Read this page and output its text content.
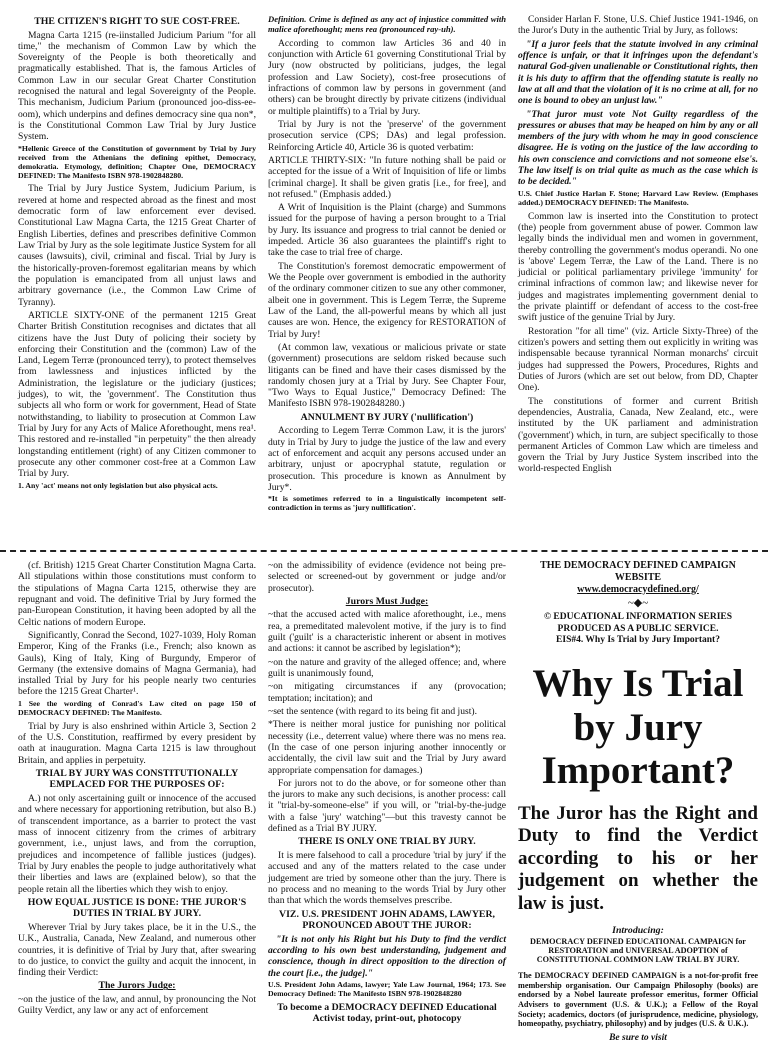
THE CITIZEN'S RIGHT TO SUE COST-FREE.

Magna Carta 1215 (re-iinstalled Judicium Parium "for all time," the mechanism of Common Law by which the Sovereignty of the People is both theoretically and pragmatically established. That is, the famous Articles of Common Law in our secular Great Charter Constitution recognised the natural and legal Sovereignty of the People. This mechanism, Judicium Parium (pronounced joo-diss-ee-oom), which underpins and defines democracy sine qua non*, is the Constitutional Common Law Trial by Jury Justice System.

*Hellenic Greece of the Constitution of government by Trial by Jury received from the Athenians the defining epithet, Democracy, demokratia. Etymology, definition; Chapter One, DEMOCRACY DEFINED: The Manifesto ISBN 978-1902848280.

The Trial by Jury Justice System, Judicium Parium, is revered at home and respected abroad as the finest and most democratic form of law enforcement ever devised. Constitutional Law Magna Carta, the 1215 Great Charter of English Liberties, defines and prescribes definitive Common Law Trial by Jury as the sole legitimate Justice System for all causes (lawsuits), civil, criminal and fiscal. Trial by Jury is the historically-proven-foremost egalitarian means by which the population is emancipated from all unjust laws and arbitrary governance (i.e., the Common Law Crime of Tyranny).

ARTICLE SIXTY-ONE of the permanent 1215 Great Charter British Constitution recognises and dictates that all citizens have the Just Duty of policing their society by enforcing their Constitution and the (common) Law of the Land, Legem Terræ (pronounced terry), to protect themselves from lawlessness and injustices inflicted by the Administration, the legislature or the judiciary (justices; judges), to wit, the 'government'. The Constitution thus subjects all who form or work for government, Head of State notwithstanding, to liability to prosecution at Common Law Trial by Jury for any Acts of Malice Aforethought, mens rea¹. This restored and re-installed "in perpetuity" the then already longstanding entitlement (right) of any Citizen commoner to prosecute any other commoner cost-free at a Common Law Trial by Jury.

1. Any 'act' means not only legislation but also physical acts.

Definition. Crime is defined as any act of injustice committed with malice aforethought; mens rea (pronounced ray-uh).

According to common law Articles 36 and 40 in conjunction with Article 61 governing Constitutional Trial by Jury (now obstructed by politicians, judges, the legal profession and Law Society), cost-free prosecutions of infractions of common law by persons in government (and others) can be brought directly by private citizens (individual or multiple plaintiffs) to a Trial by Jury.

Trial by Jury is not the 'preserve' of the government prosecution service (CPS; DAs) and legal profession. Reinforcing Article 40, Article 36 is quoted verbatim:

ARTICLE THIRTY-SIX: "In future nothing shall be paid or accepted for the issue of a Writ of Inquisition of life or limbs [criminal charge]. It shall be given gratis [i.e., for free], and not refused." (Emphasis added.)

A Writ of Inquisition is the Plaint (charge) and Summons issued for the purpose of having a person brought to a Trial by Jury. Its issuance and progress to trial cannot be denied or impeded. Article 36 also guarantees the plaintiff's right to take the case to trial free of charge.

The Constitution's foremost democratic empowerment of We the People over government is embodied in the authority of the ordinary commoner citizen to sue any other commoner, albeit one in government. This is Legem Terræ, the Supreme Law of the Land, the all-powerful means by which all just causes are won. Hence, the exigency for RESTORATION of Trial by Jury!

(At common law, vexatious or malicious private or state (government) prosecutions are seldom risked because such litigants can be fined and have their cases dismissed by the randomly chosen jury at a Trial by Jury. See Chapter Four, "Two Ways to Equal Justice," Democracy Defined: The Manifesto ISBN 978-1902848280.)

ANNULMENT BY JURY ('nullification')

According to Legem Terræ Common Law, it is the jurors' duty in Trial by Jury to judge the justice of the law and every act of enforcement and acquit any persons accused under an arbitrary, unjust or apocryphal statute, regulation or prosecution. This procedure is known as Annulment by Jury*.

*It is sometimes referred to in a linguistically incompetent self-contradiction in terms as 'jury nullification'.

Consider Harlan F. Stone, U.S. Chief Justice 1941-1946, on the Juror's Duty in the authentic Trial by Jury, as follows:

"If a juror feels that the statute involved in any criminal offence is unfair, or that it infringes upon the defendant's natural God-given unalienable or Constitutional rights, then it is his duty to affirm that the offending statute is really no law at all and that the violation of it is no crime at all, for no one is bound to obey an unjust law."

"That juror must vote Not Guilty regardless of the pressures or abuses that may be heaped on him by any or all members of the jury with whom he may in good conscience disagree. He is voting on the justice of the law according to his own conscience and convictions and not someone else's. The law itself is on trial quite as much as the case which is to be decided."

U.S. Chief Justice Harlan F. Stone; Harvard Law Review. (Emphases added.) DEMOCRACY DEFINED: The Manifesto.

Common law is inserted into the Constitution to protect (the) people from government abuse of power. Common law legally binds the individual men and women in government, thereby controlling the government's modus operandi. No one is 'above' Legem Terræ, the Law of the Land. There is no judicial or political parliamentary privilege 'immunity' for criminal infractions of common law; and likewise never for judges and magistrates implementing government denial to the private plaintiff or defendant of access to the cost-free swift justice of the genuine Trial by Jury.

Restoration "for all time" (viz. Article Sixty-Three) of the citizen's powers and setting them out explicitly in writing was indispensable because tyrannical Norman monarchs' circuit judges had suppressed the Powers, Procedures, Rights and Duties of Jurors (which are set out below, from DD, Chapter One).

The constitutions of former and current British dependencies, Australia, Canada, New Zealand, etc., were instituted by the UK parliament and administration ('government') which, in turn, are subject specifically to those permanent Articles of Common Law which are timeless and govern the Trial by Jury Justice System inscribed into the world-respected English

(cf. British) 1215 Great Charter Constitution Magna Carta. All stipulations within those constitutions must conform to the stipulations of Magna Carta 1215, otherwise they are repugnant and void. The definitive Trial by Jury formed the pan-European Constitution, it having been adopted by all the Celtic nations of modern Europe.

Significantly, Conrad the Second, 1027-1039, Holy Roman Emperor, King of the Franks (i.e., French; also known as Gauls), King of Italy, King of Burgundy, Emperor of Germany (the extensive domains of Magna Germania), had installed Trial by Jury for his people nearly two centuries before the 1215 Great Charter¹.

1 See the wording of Conrad's Law cited on page 150 of DEMOCRACY DEFINED: The Manifesto.

Trial by Jury is also enshrined within Article 3, Section 2 of the U.S. Constitution, reaffirmed by every president by oath at inauguration. Magna Carta 1215 is law throughout Britain, and applies in perpetuity.

TRIAL BY JURY WAS CONSTITUTIONALLY EMPLACED FOR THE PURPOSES OF:

A.) not only ascertaining guilt or innocence of the accused and where necessary for apportioning retribution, but also B.) of transcendent importance, as a barrier to protect the vast mass of innocent citizenry from the crimes of arbitrary government, i.e., unjust laws, and from the corruption, prejudices and incompetence of fallible justices (judges). Trial by Jury enables the people to judge authoritatively what their liberties and laws are (explained below), so that the people retain all the liberties which they wish to enjoy.

HOW EQUAL JUSTICE IS DONE: THE JUROR'S DUTIES IN TRIAL BY JURY.

Wherever Trial by Jury takes place, be it in the U.S., the U.K., Australia, Canada, New Zealand, and numerous other countries, it is definitive of Trial by Jury that, after swearing to do justice, to convict the guilty and acquit the innocent, in finding their Verdict:

The Jurors Judge:

~on the justice of the law, and annul, by pronouncing the Not Guilty Verdict, any law or any act of enforcement

~on the admissibility of evidence (evidence not being pre-selected or screened-out by government or judge and/or prosecutor).

Jurors Must Judge:

~that the accused acted with malice aforethought, i.e., mens rea, a premeditated malevolent motive, if the jury is to find guilt ('guilt' is a characteristic inherent or absent in motives and actions: it cannot be ascribed by legislation*);

~on the nature and gravity of the alleged offence; and, where guilt is unanimously found,

~on mitigating circumstances if any (provocation; temptation; incitation); and

~set the sentence (with regard to its being fit and just).

*There is neither moral justice for punishing nor political necessity (i.e., deterrent value) where there was no mens rea. (In the case of one person injuring another innocently or accidentally, the civil law suit and the Trial by Jury award appropriate compensation for damages.)

For jurors not to do the above, or for someone other than the jurors to make any such decisions, is another process: call it "trial-by-someone-else" if you will, or "trial-by-the-judge with a false 'jury' watching"—but this travesty cannot be defined as a Trial BY JURY.

THERE IS ONLY ONE TRIAL BY JURY.

It is mere falsehood to call a procedure 'trial by jury' if the accused and any of the matters related to the case under judgement are tried by someone other than the jury. There is no process and no meaning to the words Trial by Jury other than that which the words themselves prescribe.

VIZ. U.S. PRESIDENT JOHN ADAMS, LAWYER, PRONOUNCED ABOUT THE JUROR:

"It is not only his Right but his Duty to find the verdict according to his own best understanding, judgement and conscience, though in direct opposition to the direction of the court [i.e., the judge]."

U.S. President John Adams, lawyer; Yale Law Journal, 1964; 173. See Democracy Defined: The Manifesto ISBN 978-1902848280

To become a DEMOCRACY DEFINED Educational Activist today, print-out, photocopy

THE DEMOCRACY DEFINED CAMPAIGN WEBSITE

www.democracydefined.org/

~◆~

© EDUCATIONAL INFORMATION SERIES

PRODUCED AS A PUBLIC SERVICE.

EIS#4. Why Is Trial by Jury Important?

Why Is Trial by Jury Important?

The Juror has the Right and Duty to find the Verdict according to his or her judgement on whether the law is just.

Introducing:

DEMOCRACY DEFINED EDUCATIONAL CAMPAIGN for RESTORATION and UNIVERSAL ADOPTION of CONSTITUTIONAL COMMON LAW TRIAL BY JURY.

The DEMOCRACY DEFINED CAMPAIGN is a not-for-profit free membership organisation. Our Campaign Philosophy (books) are endorsed by a Nobel laureate professor emeritus, former Official Advisers to government (U.S. & U.K.); a Fellow of the Royal Society; academics, doctors (of jurisprudence, medicine, physiology, homeopathy, psychiatry, philosophy) and by judges (U.S. & U.K.).

Be sure to visit
